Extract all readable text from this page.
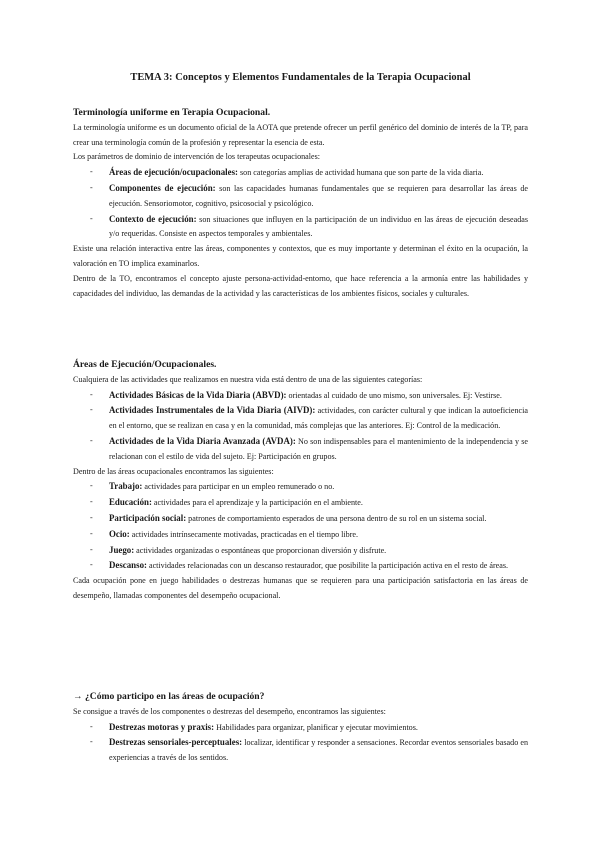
TEMA 3: Conceptos y Elementos Fundamentales de la Terapia Ocupacional
Terminología uniforme en Terapia Ocupacional.

La terminología uniforme es un documento oficial de la AOTA que pretende ofrecer un perfil genérico del dominio de interés de la TP, para crear una terminología común de la profesión y representar la esencia de esta.

Los parámetros de dominio de intervención de los terapeutas ocupacionales:

- Áreas de ejecución/ocupacionales: son categorías amplias de actividad humana que son parte de la vida diaria.
- Componentes de ejecución: son las capacidades humanas fundamentales que se requieren para desarrollar las áreas de ejecución. Sensoriomotor, cognitivo, psicosocial y psicológico.
- Contexto de ejecución: son situaciones que influyen en la participación de un individuo en las áreas de ejecución deseadas y/o requeridas. Consiste en aspectos temporales y ambientales.

Existe una relación interactiva entre las áreas, componentes y contextos, que es muy importante y determinan el éxito en la ocupación, la valoración en TO implica examinarlos.

Dentro de la TO, encontramos el concepto ajuste persona-actividad-entorno, que hace referencia a la armonía entre las habilidades y capacidades del individuo, las demandas de la actividad y las características de los ambientes físicos, sociales y culturales.

Áreas de Ejecución/Ocupacionales.

Cualquiera de las actividades que realizamos en nuestra vida está dentro de una de las siguientes categorías:

- Actividades Básicas de la Vida Diaria (ABVD): orientadas al cuidado de uno mismo, son universales. Ej: Vestirse.
- Actividades Instrumentales de la Vida Diaria (AIVD): actividades, con carácter cultural y que indican la autoeficiencia en el entorno, que se realizan en casa y en la comunidad, más complejas que las anteriores. Ej: Control de la medicación.
- Actividades de la Vida Diaria Avanzada (AVDA): No son indispensables para el mantenimiento de la independencia y se relacionan con el estilo de vida del sujeto. Ej: Participación en grupos.

Dentro de las áreas ocupacionales encontramos las siguientes:

- Trabajo: actividades para participar en un empleo remunerado o no.
- Educación: actividades para el aprendizaje y la participación en el ambiente.
- Participación social: patrones de comportamiento esperados de una persona dentro de su rol en un sistema social.
- Ocio: actividades intrínsecamente motivadas, practicadas en el tiempo libre.
- Juego: actividades organizadas o espontáneas que proporcionan diversión y disfrute.
- Descanso: actividades relacionadas con un descanso restaurador, que posibilite la participación activa en el resto de áreas.

Cada ocupación pone en juego habilidades o destrezas humanas que se requieren para una participación satisfactoria en las áreas de desempeño, llamadas componentes del desempeño ocupacional.

→ ¿Cómo participo en las áreas de ocupación?

Se consigue a través de los componentes o destrezas del desempeño, encontramos las siguientes:

- Destrezas motoras y praxis: Habilidades para organizar, planificar y ejecutar movimientos.
- Destrezas sensoriales-perceptuales: localizar, identificar y responder a sensaciones. Recordar eventos sensoriales basado en experiencias a través de los sentidos.
